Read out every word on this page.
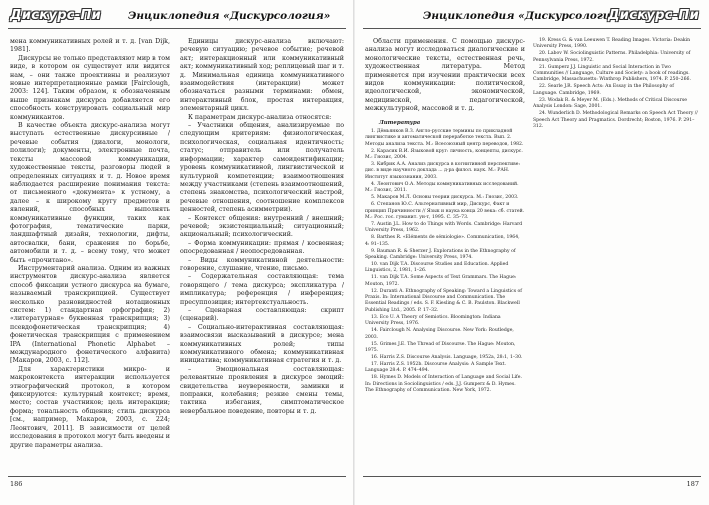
Дискурс-Пи	Энциклопедия «Дискурсология»

мена коммуникативных ролей и т. д. [van Dijk, 1981].

Дискурсы не только представляют мир в том виде, в котором он существует или видится нам, – они также проективны и реализуют новые интерпретационные рамки [Fairclough, 2003: 124]. Таким образом, к обозначенным выше признакам дискурса добавляется его способность конструировать социальный мир коммуникантов.

В качестве объекта дискурс-анализа могут выступать естественные дискурсивные / речевые события (диалоги, монологи, полилоги); документы, электронные почта, тексты массовой коммуникации, художественные тексты, разговоры людей в определенных ситуациях и т. д. Новое время наблюдается расширение понимания текста: от письменного «документа» к устному, а далее – к широкому кругу предметов и явлений, способных выполнять коммуникативные функции, таких как фотография, тематические парки, ландшафтный дизайн, технологии, дифты, автосвалки, бани, сражения по борьбе, автомобили и т. д. – всему тому, что может быть «прочитано».

Инструментарий анализа. Одним из важных инструментов дискурс-анализа является способ фиксации устного дискурса на бумаге, называемый транскрипцией. Существует несколько разновидностей нотационных систем: 1) стандартная орфография; 2) «литературная» буквенная транскрипция; 3) псевдофонетическая транскрипция; 4) фонетическая транскрипция с применением IPA (International Phonetic Alphabet – международного фонетического алфавита) [Макаров, 2003, с. 112].

Для характеристики микро- и макроконтекста интеракции используется этнографический протокол, в котором фиксируются: культурный контекст; время, место; состав участников; цель интеракции; форма; тональность общения; стиль дискурса [см., например, Макаров, 2003, с. 224; Леонтович, 2011]. В зависимости от целей исследования в протокол могут быть введены и другие параметры анализа.

Единицы дискурс-анализа включают: речевую ситуацию; речевое событие; речевой акт; интеракционный или коммуникативный акт; коммуникативный ход; реплицевый шаг и т. д. Минимальная единица коммуникативного взаимодействия (интеракции) может обозначаться разными терминами: обмен, интерактивный блок, простая интеракция, элементарный цикл.

К параметрам дискурс-анализа относятся:

– Участники общения, анализируемые по следующим критериям: физиологическая, психологическая, социальная идентичность; статус; отправитель или получатель информации; характер самоидентификации; уровень коммуникативной, лингвистической и культурной компетенции; взаимоотношения между участниками (степень взаимоотношений, степень знакомства, психологический настрой, речевые отношения, соотношение комплексов ценностей, степень асимметрии).

– Контекст общения: внутренний / внешний; речевой; экзистенциальный; ситуационный; акциональный; психологический.

– Форма коммуникации: прямая / косвенная; опосредованная / неопосредованная.

– Виды коммуникативной деятельности: говорение, слушание, чтение, письмо.

– Содержательная составляющая: тема говорящего / тема дискурса; экспликатура / импликатура; референция / инференция; пресуппозиция; интертекстуальность.

– Сценарная составляющая: скрипт (сценарий).

– Социально-интерактивная составляющая: взаимосвязи высказываний в дискурсе; мена коммуникативных ролей; типы коммуникативного обмена; коммуникативная инициатива; коммуникативная стратегия и т. д.

– Эмоциональная составляющая: релевантные проявления в дискурсе эмоций: свидетельства неуверенности, заминки и поправки, колебания; резкие смены темы, тактика избегания, симптоматическое невербальное поведение, повторы и т. д.

186
Энциклопедия «Дискурсология»
Дискурс-Пи

Области применения. С помощью дискурс-анализа могут исследоваться диалогические и монологические тексты, естественная речь, художественная литература. Метод применяется при изучении практически всех видов коммуникации: политической, идеологической, экономической, медицинской, педагогической, межкультурной, массовой и т. д.

Литература
1. Дёмьянков В.З. Англо-русские термины по прикладной лингвистике и автоматической переработке текста. Вып. 2. Методы анализа текста. М.: Всесоюзный центр переводов, 1982.
2. Карасик В.И. Языковой круг: личность, концепты, дискурс. М.: Гнозис, 2004.
3. Кибрик А.А. Анализ дискурса в когнитивной перспективе: дис. в виде научного доклада ... д-ра филол. наук. М.: РАН. Институт языкознания, 2003.
4. Леонтович О.А. Методы коммуникативных исследований. М.: Гнозис, 2011.
5. Макаров М.Л. Основы теории дискурса. М.: Гнозис, 2003.
6. Степанов Ю.С. Альтернативный мир, Дискурс, Факт и принцип Причинности // Язык и наука конца 20 века: сб. статей. М.: Рос. гос. гуманит. ун-т, 1995. С. 35–73.
7. Austin J.L. How to do Things with Words. Cambridge: Harvard University Press, 1962.
8. Barthes R. «Eléments de sémiologie». Communication, 1964, 4: 91–135.
9. Bauman R. & Sherzer J. Explorations in the Ethnography of Speaking. Cambridge: University Press, 1974.
10. van Dijk T.A. Discourse Studies and Education. Applied Linguistics, 2, 1981, 1–26.
11. van Dijk T.A. Some Aspects of Text Grammars. The Hague: Mouton, 1972.
12. Duranti A. Ethnography of Speaking: Toward a Linguistics of Praxis. In: International Discourse and Communication. The Essential Readings / eds. S. F. Kiesling & C. B. Paulston. Blackwell Publishing Ltd., 2005. P. 17–32.
13. Eco U. A Theory of Semiotics. Bloomington: Indiana University Press, 1976.
14. Fairclough N. Analysing Discourse. New York: Routledge, 2003.
15. Grimes J.E. The Thread of Discourse. The Hague: Mouton, 1975.
16. Harris Z.S. Discourse Analysis. Language, 1952a, 28:1, 1–30.
17. Harris Z.S. 1952b. Discourse Analysis: A Sample Text. Language 28:4. P. 474–494.
18. Hymes D. Models of Interaction of Language and Social Life. In: Directions in Sociolinguistics / eds. J.J. Gumperz & D. Hymes. The Ethnography of Communication. New York, 1972.
19. Kress G. & van Leeuwen T. Reading Images. Victoria: Deakin University Press, 1990.
20. Labov W. Sociolinguistic Patterns. Philadelphia: University of Pennsylvania Press, 1972.
21. Gumperz J.J. Linguistic and Social Interaction in Two Communities // Language, Culture and Society: a book of readings. Cambridge, Massachusetts: Winthrop Publishers, 1974. P. 250–266.
22. Searle J.R. Speech Acts: An Essay in the Philosophy of Language. Cambridge, 1969.
23. Wodak R. & Meyer M. (Eds.). Methods of Critical Discourse Analysis London: Sage, 2001.
24. Wunderlich D. Methodological Remarks on Speech Act Theory // Speech Act Theory and Pragmatics. Dordrecht; Boston, 1976. P. 291–312.
187
